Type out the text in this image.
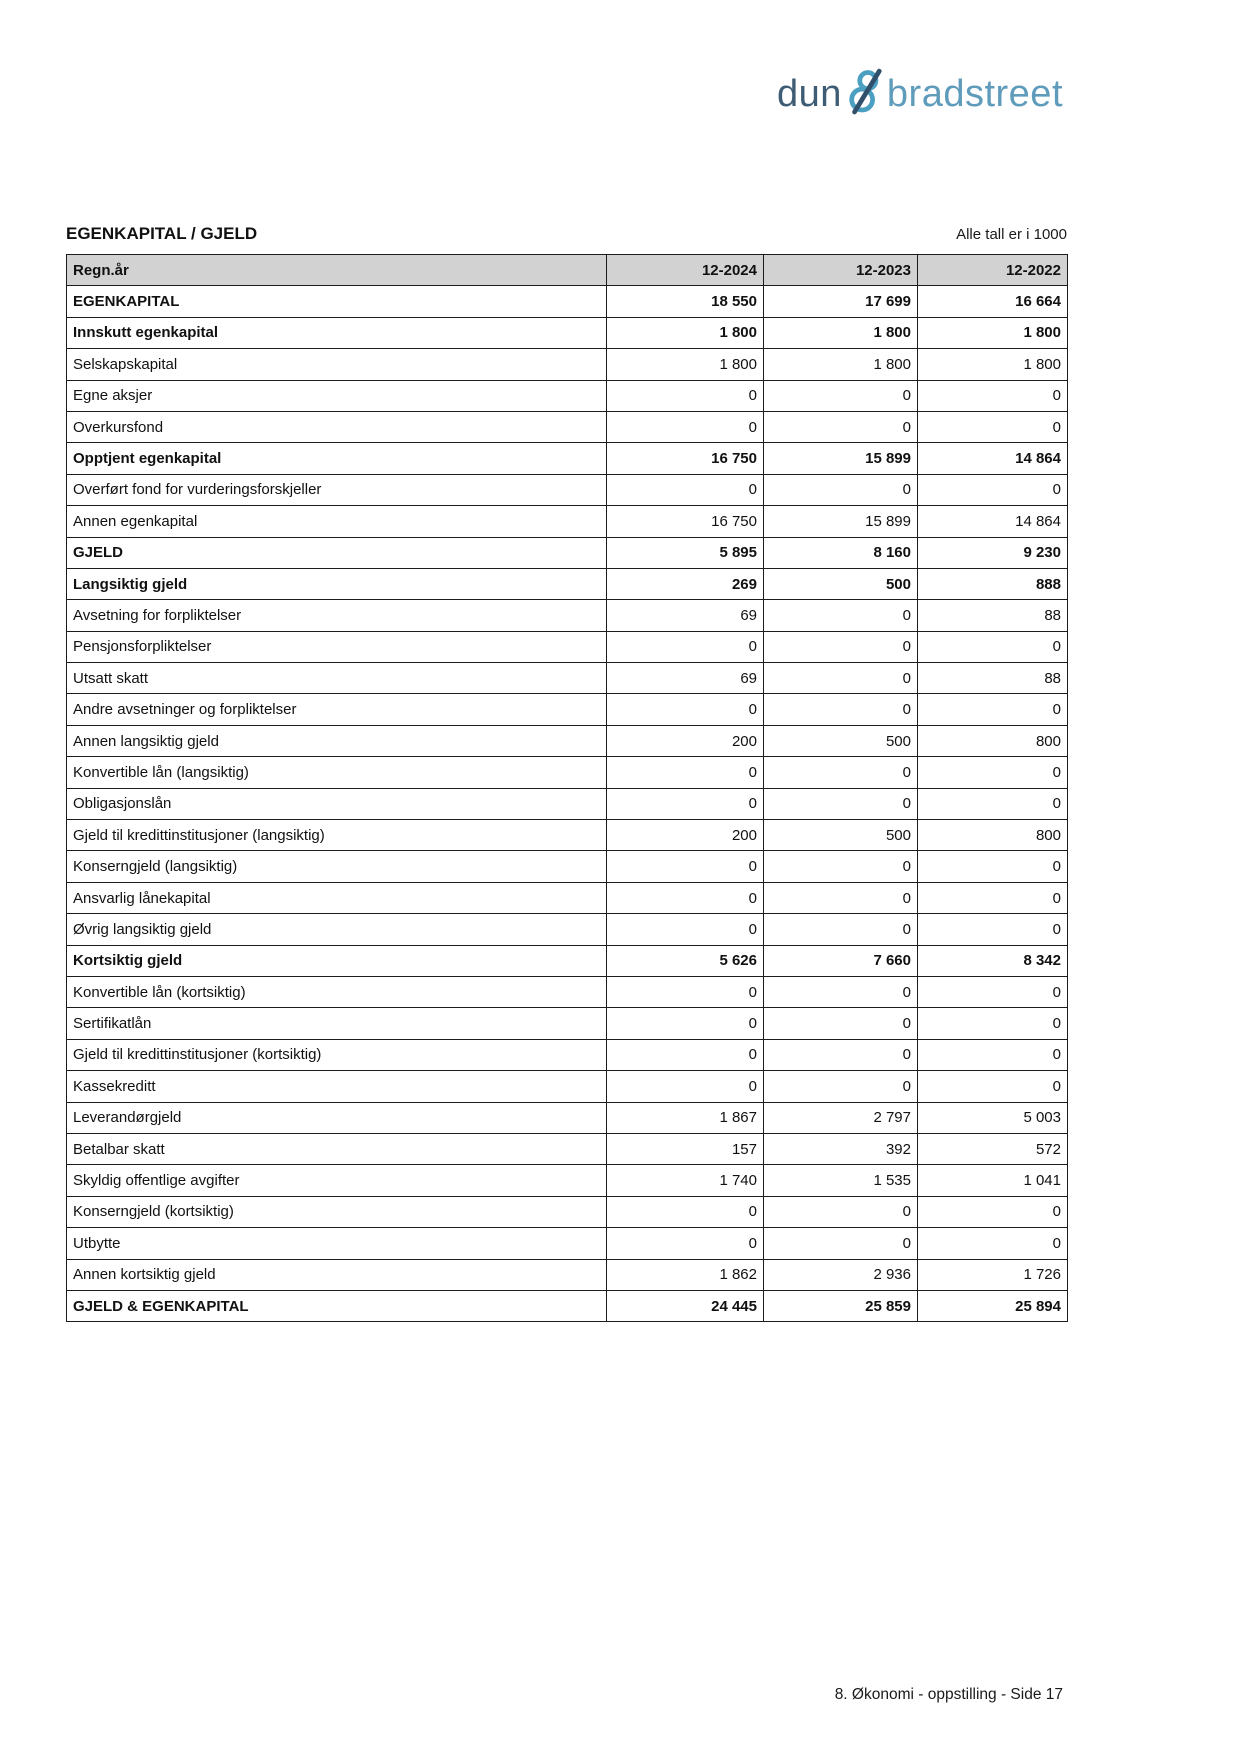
dun bradstreet
EGENKAPITAL / GJELD	Alle tall er i 1000
Regn.år	12-2024	12-2023	12-2022
EGENKAPITAL	18 550	17 699	16 664
Innskutt egenkapital	1 800	1 800	1 800
Selskapskapital	1 800	1 800	1 800
Egne aksjer	0	0	0
Overkursfond	0	0	0
Opptjent egenkapital	16 750	15 899	14 864
Overført fond for vurderingsforskjeller	0	0	0
Annen egenkapital	16 750	15 899	14 864
GJELD	5 895	8 160	9 230
Langsiktig gjeld	269	500	888
Avsetning for forpliktelser	69	0	88
Pensjonsforpliktelser	0	0	0
Utsatt skatt	69	0	88
Andre avsetninger og forpliktelser	0	0	0
Annen langsiktig gjeld	200	500	800
Konvertible lån (langsiktig)	0	0	0
Obligasjonslån	0	0	0
Gjeld til kredittinstitusjoner (langsiktig)	200	500	800
Konserngjeld (langsiktig)	0	0	0
Ansvarlig lånekapital	0	0	0
Øvrig langsiktig gjeld	0	0	0
Kortsiktig gjeld	5 626	7 660	8 342
Konvertible lån (kortsiktig)	0	0	0
Sertifikatlån	0	0	0
Gjeld til kredittinstitusjoner (kortsiktig)	0	0	0
Kassekreditt	0	0	0
Leverandørgjeld	1 867	2 797	5 003
Betalbar skatt	157	392	572
Skyldig offentlige avgifter	1 740	1 535	1 041
Konserngjeld (kortsiktig)	0	0	0
Utbytte	0	0	0
Annen kortsiktig gjeld	1 862	2 936	1 726
GJELD & EGENKAPITAL	24 445	25 859	25 894
8. Økonomi - oppstilling - Side 17
